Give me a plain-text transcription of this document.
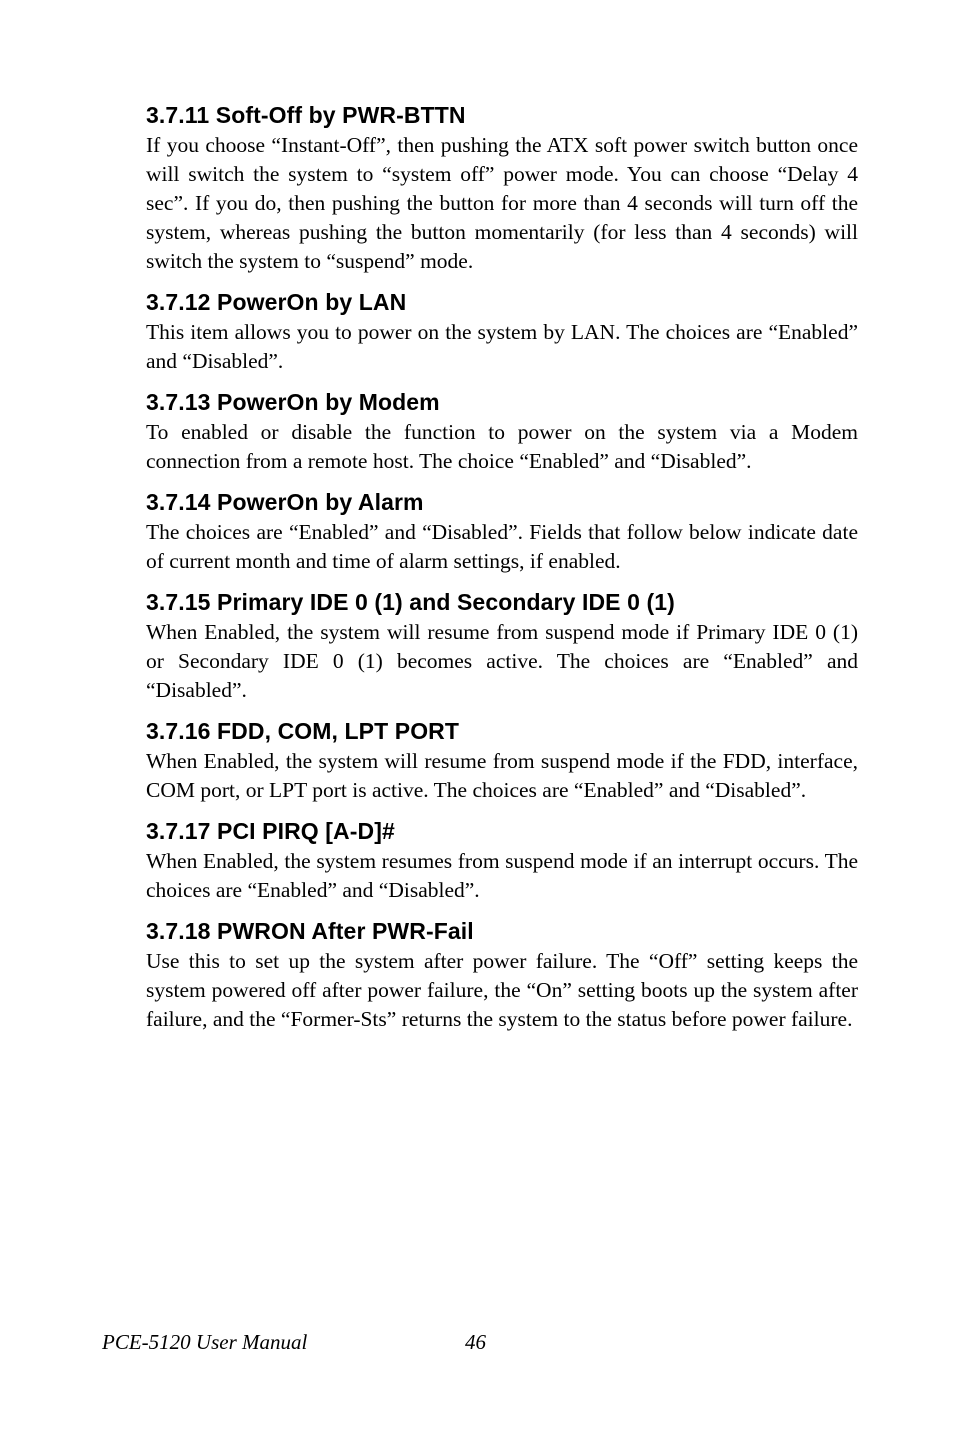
3.7.11 Soft-Off by PWR-BTTN

If you choose “Instant-Off”, then pushing the ATX soft power switch button once will switch the system to “system off” power mode. You can choose “Delay 4 sec”. If you do, then pushing the button for more than 4 seconds will turn off the system, whereas pushing the button momentarily (for less than 4 seconds) will switch the system to “suspend” mode.

3.7.12 PowerOn by LAN

This item allows you to power on the system by LAN. The choices are “Enabled” and “Disabled”.

3.7.13 PowerOn by Modem

To enabled or disable the function to power on the system via a Modem connection from a remote host. The choice “Enabled” and “Disabled”.

3.7.14 PowerOn by Alarm

The choices are “Enabled” and “Disabled”. Fields that follow below indicate date of current month and time of alarm settings, if enabled.

3.7.15 Primary IDE 0 (1) and Secondary IDE 0 (1)

When Enabled, the system will resume from suspend mode if Primary IDE 0 (1) or Secondary IDE 0 (1) becomes active. The choices are “Enabled” and “Disabled”.

3.7.16 FDD, COM, LPT PORT

When Enabled, the system will resume from suspend mode if the FDD, interface, COM port, or LPT port is active. The choices are “Enabled” and “Disabled”.

3.7.17 PCI PIRQ [A-D]#

When Enabled, the system resumes from suspend mode if an interrupt occurs. The choices are “Enabled” and “Disabled”.

3.7.18 PWRON After PWR-Fail

Use this to set up the system after power failure. The “Off” setting keeps the system powered off after power failure, the “On” setting boots up the system after failure, and the “Former-Sts” returns the system to the status before power failure.

PCE-5120 User Manual	46
